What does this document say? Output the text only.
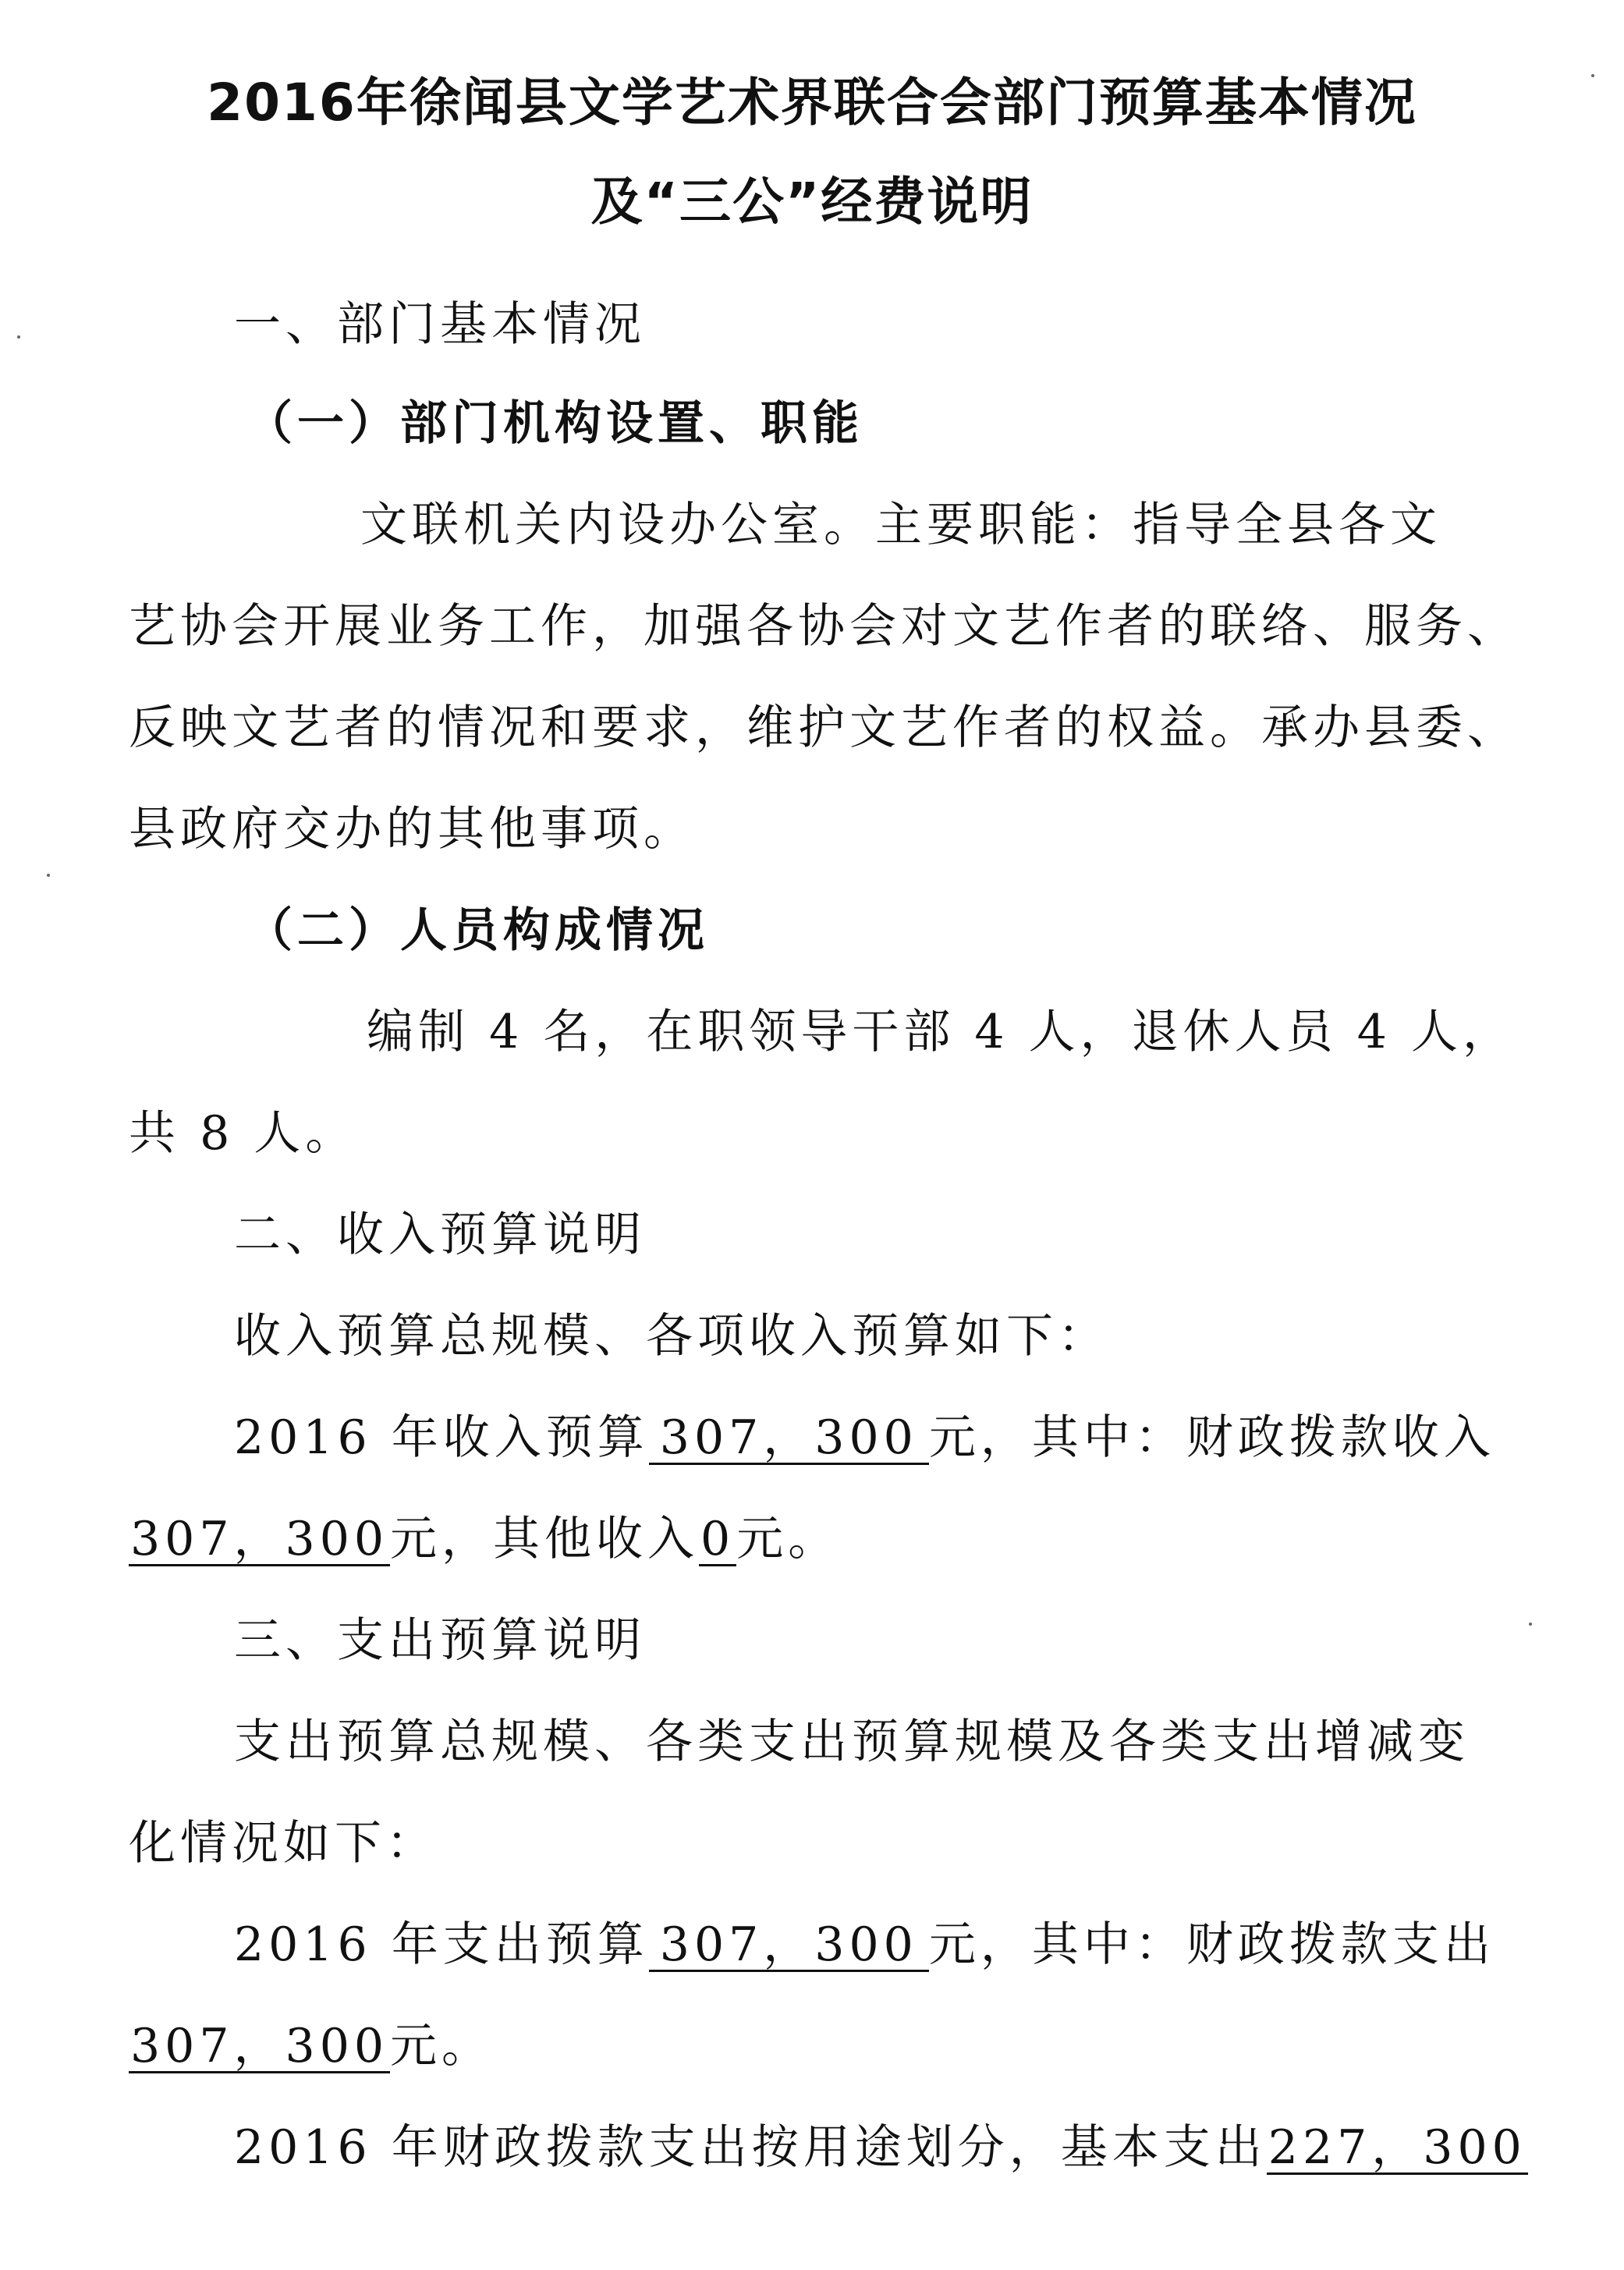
2016年徐闻县文学艺术界联合会部门预算基本情况
及“三公”经费说明
一、部门基本情况
（一）部门机构设置、职能
文联机关内设办公室。主要职能：指导全县各文
艺协会开展业务工作，加强各协会对文艺作者的联络、服务、
反映文艺者的情况和要求，维护文艺作者的权益。承办县委、
县政府交办的其他事项。
（二）人员构成情况
编制 4 名，在职领导干部 4 人，退休人员 4 人，
共 8 人。
二、收入预算说明
收入预算总规模、各项收入预算如下：
2016 年收入预算 307，300 元，其中：财政拨款收入
307，300元，其他收入0元。
三、支出预算说明
支出预算总规模、各类支出预算规模及各类支出增减变
化情况如下：
2016 年支出预算 307，300 元，其中：财政拨款支出
307，300元。
2016 年财政拨款支出按用途划分，基本支出227，300
